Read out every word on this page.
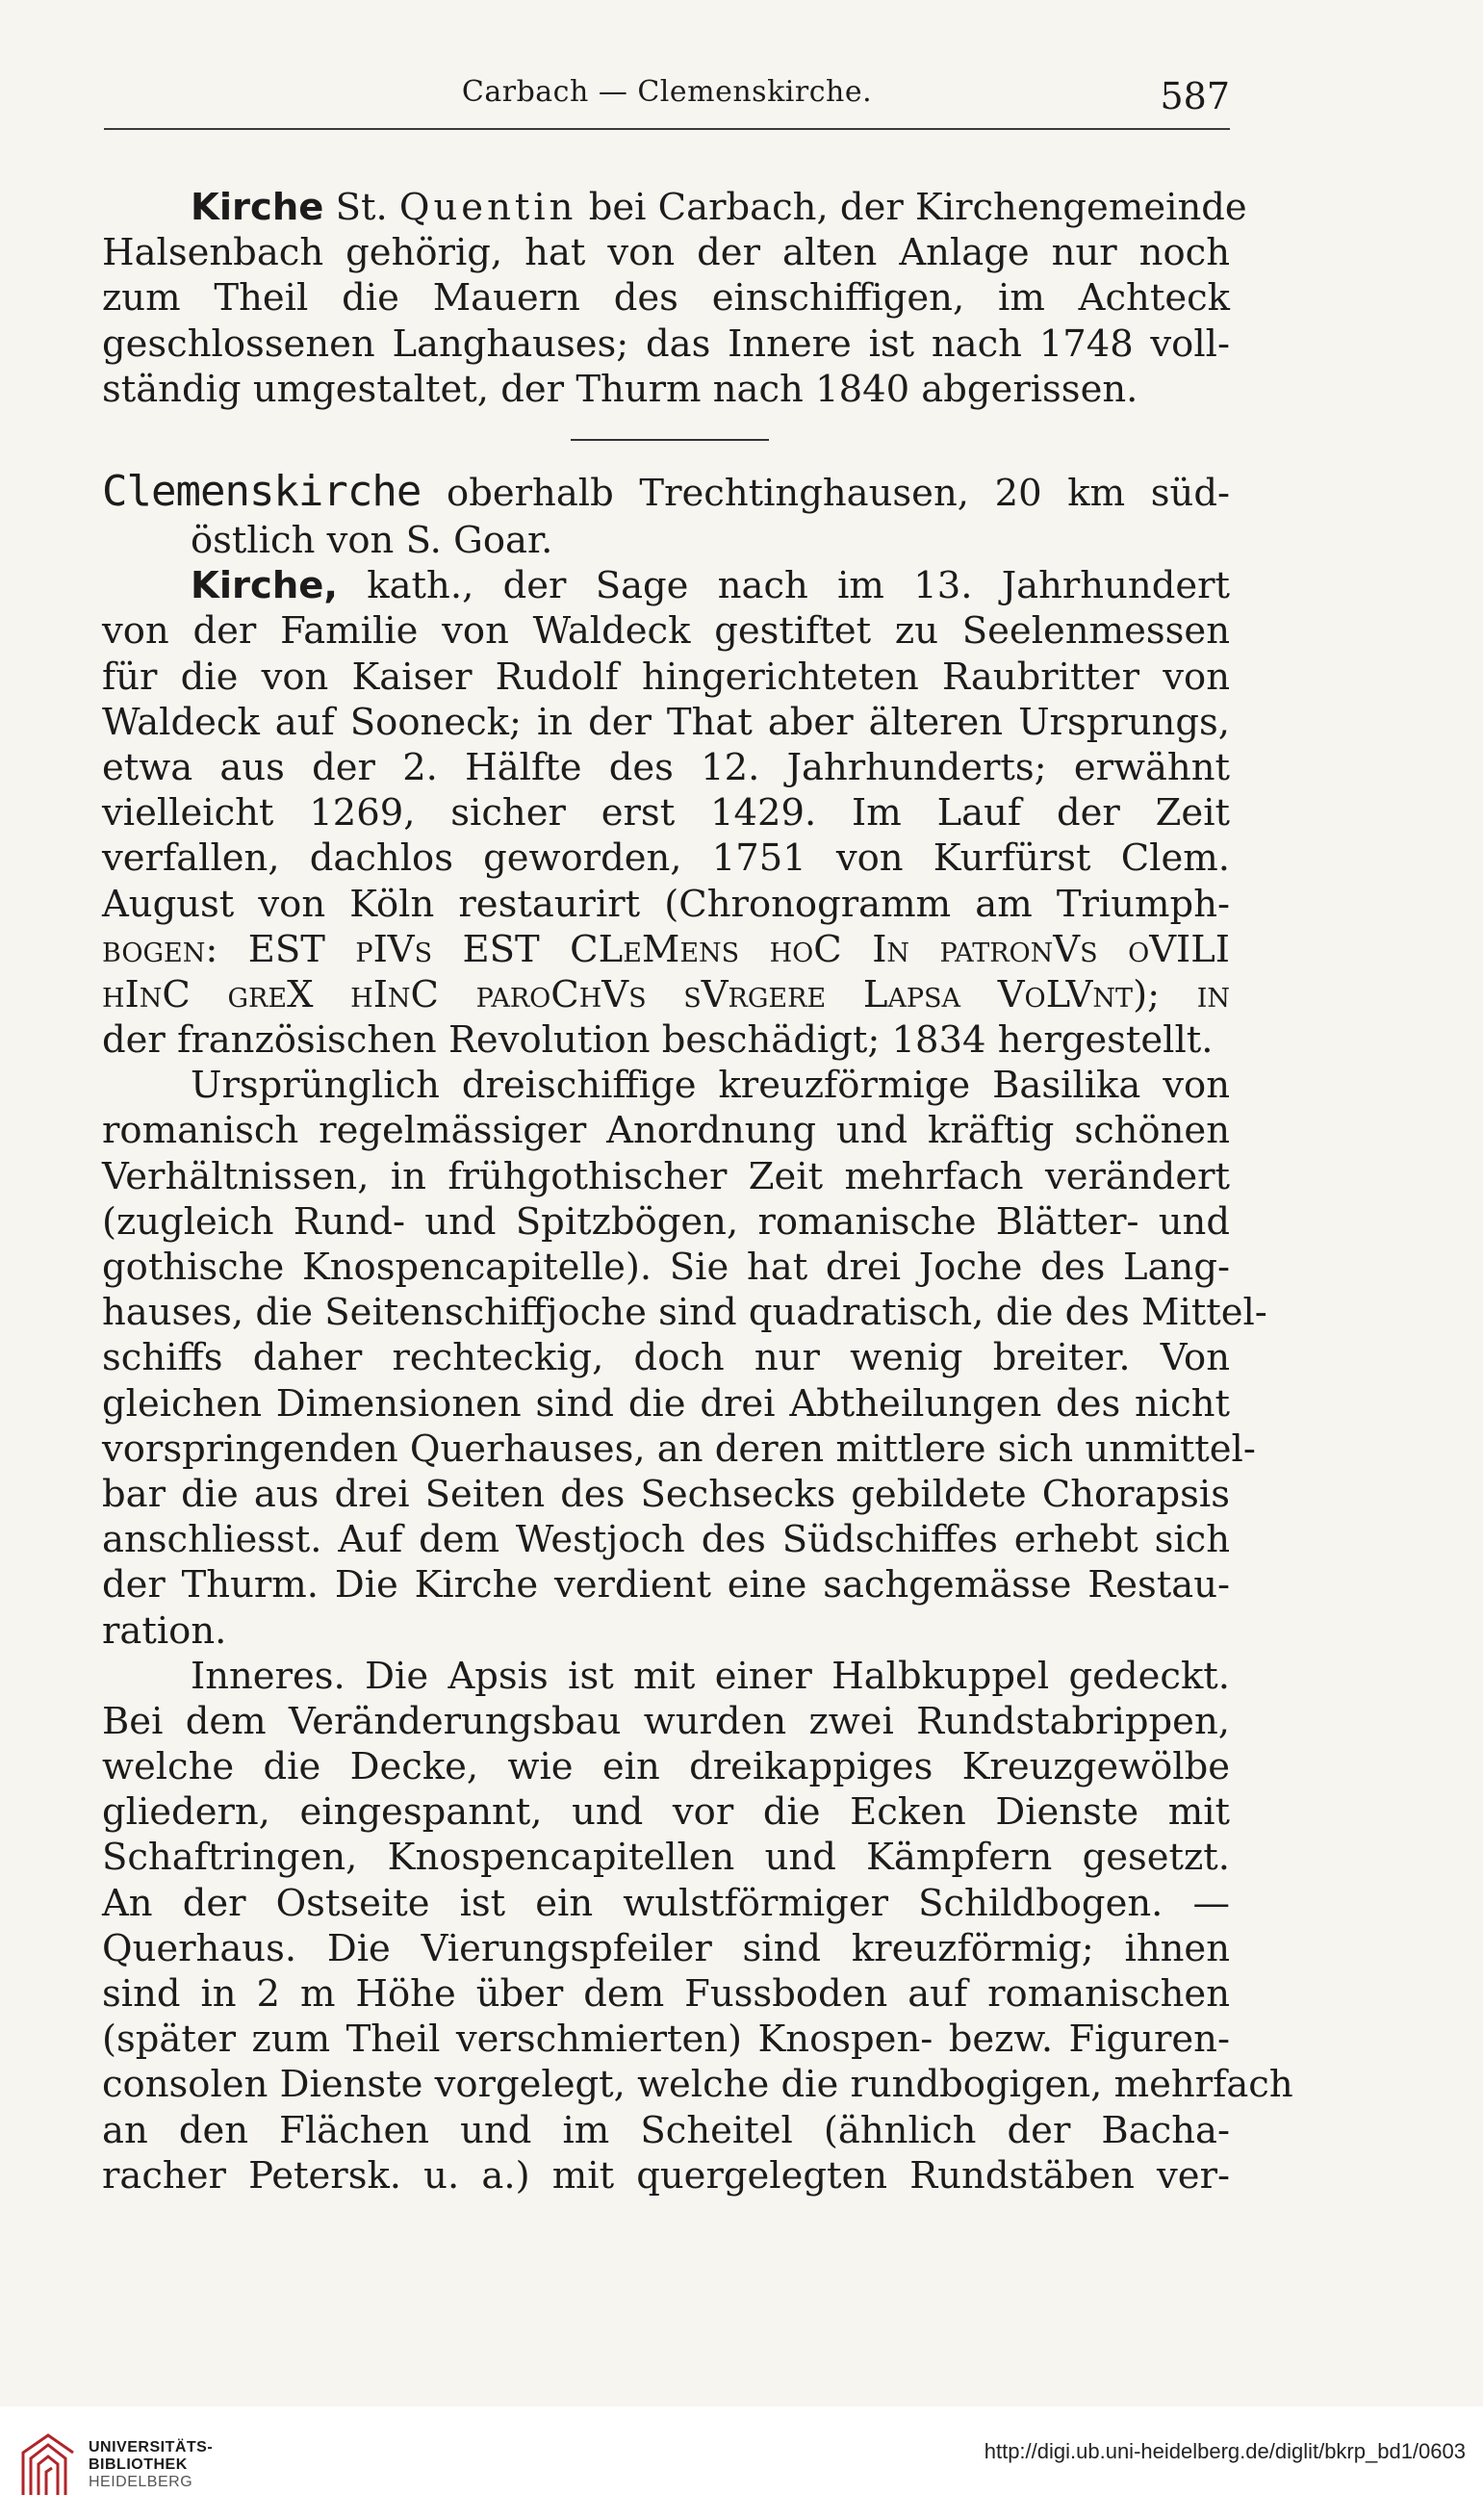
Carbach — Clemenskirche.	587
Kirche St. Quentin bei Carbach, der Kirchengemeinde
Halsenbach gehörig, hat von der alten Anlage nur noch
zum Theil die Mauern des einschiffigen, im Achteck
geschlossenen Langhauses; das Innere ist nach 1748 voll-
ständig umgestaltet, der Thurm nach 1840 abgerissen.
Clemenskirche oberhalb Trechtinghausen, 20 km süd-
östlich von S. Goar.
Kirche, kath., der Sage nach im 13. Jahrhundert
von der Familie von Waldeck gestiftet zu Seelenmessen
für die von Kaiser Rudolf hingerichteten Raubritter von
Waldeck auf Sooneck; in der That aber älteren Ursprungs,
etwa aus der 2. Hälfte des 12. Jahrhunderts; erwähnt
vielleicht 1269, sicher erst 1429. Im Lauf der Zeit
verfallen, dachlos geworden, 1751 von Kurfürst Clem.
August von Köln restaurirt (Chronogramm am Triumph-
bogen: EST pIVs EST CLeMens hoC In patronVs oVILI
hInC greX hInC paroChVs sVrgere Lapsa VoLVnt); in
der französischen Revolution beschädigt; 1834 hergestellt.
Ursprünglich dreischiffige kreuzförmige Basilika von
romanisch regelmässiger Anordnung und kräftig schönen
Verhältnissen, in frühgothischer Zeit mehrfach verändert
(zugleich Rund- und Spitzbögen, romanische Blätter- und
gothische Knospencapitelle). Sie hat drei Joche des Lang-
hauses, die Seitenschiffjoche sind quadratisch, die des Mittel-
schiffs daher rechteckig, doch nur wenig breiter. Von
gleichen Dimensionen sind die drei Abtheilungen des nicht
vorspringenden Querhauses, an deren mittlere sich unmittel-
bar die aus drei Seiten des Sechsecks gebildete Chorapsis
anschliesst. Auf dem Westjoch des Südschiffes erhebt sich
der Thurm. Die Kirche verdient eine sachgemässe Restau-
ration.
Inneres. Die Apsis ist mit einer Halbkuppel gedeckt.
Bei dem Veränderungsbau wurden zwei Rundstabrippen,
welche die Decke, wie ein dreikappiges Kreuzgewölbe
gliedern, eingespannt, und vor die Ecken Dienste mit
Schaftringen, Knospencapitellen und Kämpfern gesetzt.
An der Ostseite ist ein wulstförmiger Schildbogen. —
Querhaus. Die Vierungspfeiler sind kreuzförmig; ihnen
sind in 2 m Höhe über dem Fussboden auf romanischen
(später zum Theil verschmierten) Knospen- bezw. Figuren-
consolen Dienste vorgelegt, welche die rundbogigen, mehrfach
an den Flächen und im Scheitel (ähnlich der Bacha-
racher Petersk. u. a.) mit quergelegten Rundstäben ver-
UNIVERSITÄTS-
BIBLIOTHEK
HEIDELBERG
http://digi.ub.uni-heidelberg.de/diglit/bkrp_bd1/0603
